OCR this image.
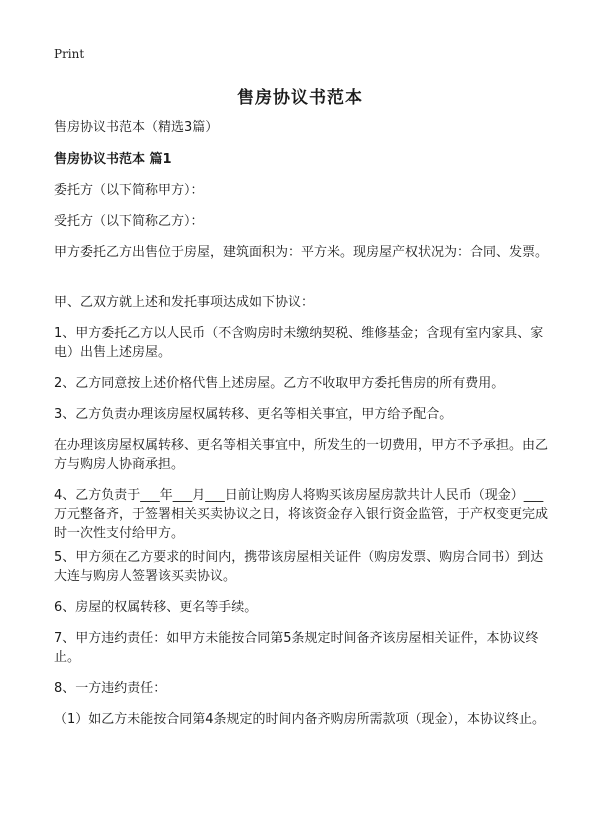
Print
售房协议书范本

售房协议书范本（精选3篇）

售房协议书范本 篇1

委托方（以下简称甲方）：

受托方（以下简称乙方）：

甲方委托乙方出售位于房屋，建筑面积为：平方米。现房屋产权状况为：合同、发票。

甲、乙双方就上述和发托事项达成如下协议：

1、甲方委托乙方以人民币（不含购房时未缴纳契税、维修基金；含现有室内家具、家电）出售上述房屋。

2、乙方同意按上述价格代售上述房屋。乙方不收取甲方委托售房的所有费用。

3、乙方负责办理该房屋权属转移、更名等相关事宜，甲方给予配合。

在办理该房屋权属转移、更名等相关事宜中，所发生的一切费用，甲方不予承担。由乙方与购房人协商承担。

4、乙方负责于___年___月___日前让购房人将购买该房屋房款共计人民币（现金）___万元整备齐，于签署相关买卖协议之日，将该资金存入银行资金监管，于产权变更完成时一次性支付给甲方。

5、甲方须在乙方要求的时间内，携带该房屋相关证件（购房发票、购房合同书）到达大连与购房人签署该买卖协议。

6、房屋的权属转移、更名等手续。

7、甲方违约责任：如甲方未能按合同第5条规定时间备齐该房屋相关证件，本协议终止。

8、一方违约责任：

（1）如乙方未能按合同第4条规定的时间内备齐购房所需款项（现金），本协议终止。
